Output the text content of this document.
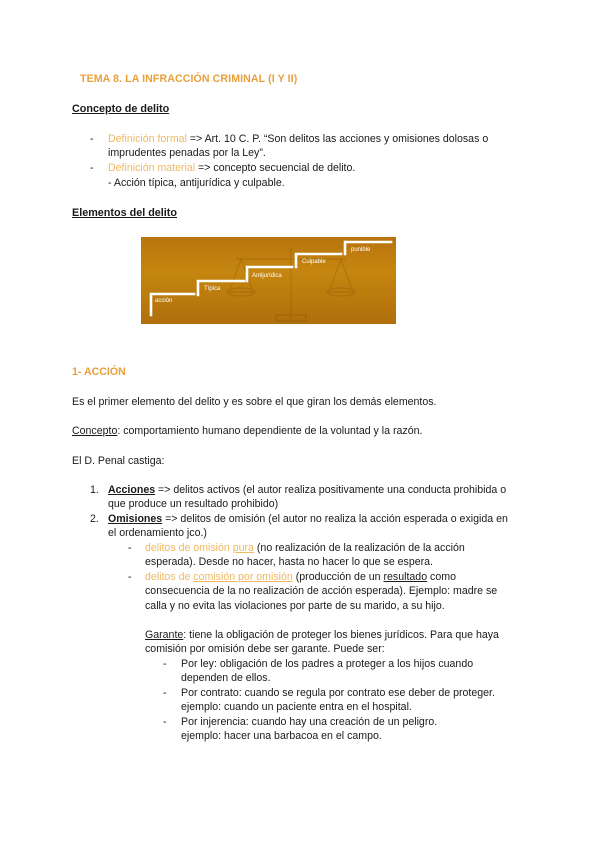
TEMA 8. LA INFRACCIÓN CRIMINAL (I Y II)
Concepto de delito
- Definición formal => Art. 10 C. P. “Son delitos las acciones y omisiones dolosas o
imprudentes penadas por la Ley”.
- Definición material => concepto secuencial de delito.
- Acción típica, antijurídica y culpable.
Elementos del delito
acción
Típica
Antijurídica
Culpable
punible
1- ACCIÓN
Es el primer elemento del delito y es sobre el que giran los demás elementos.
Concepto: comportamiento humano dependiente de la voluntad y la razón.
El D. Penal castiga:
1. Acciones => delitos activos (el autor realiza positivamente una conducta prohibida o
que produce un resultado prohibido)
2. Omisiones => delitos de omisión (el autor no realiza la acción esperada o exigida en
el ordenamiento jco.)
- delitos de omisión pura (no realización de la realización de la acción
esperada). Desde no hacer, hasta no hacer lo que se espera.
- delitos de comisión por omisión (producción de un resultado como
consecuencia de la no realización de acción esperada). Ejemplo: madre se
calla y no evita las violaciones por parte de su marido, a su hijo.
Garante: tiene la obligación de proteger los bienes jurídicos. Para que haya
comisión por omisión debe ser garante. Puede ser:
- Por ley: obligación de los padres a proteger a los hijos cuando
dependen de ellos.
- Por contrato: cuando se regula por contrato ese deber de proteger.
ejemplo: cuando un paciente entra en el hospital.
- Por injerencia: cuando hay una creación de un peligro.
ejemplo: hacer una barbacoa en el campo.
